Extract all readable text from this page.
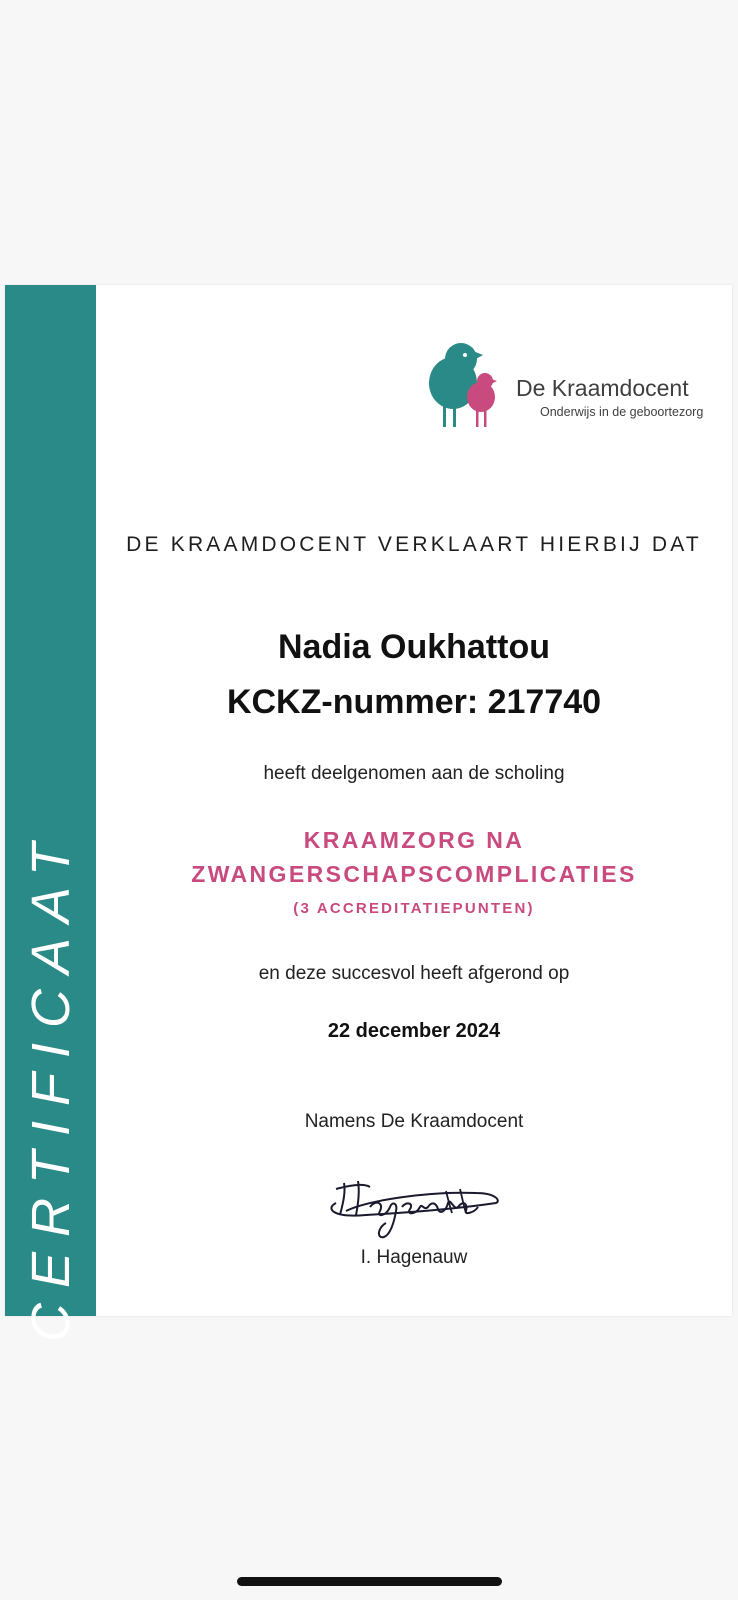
CERTIFICAAT
De Kraamdocent
Onderwijs in de geboortezorg
DE KRAAMDOCENT VERKLAART HIERBIJ DAT
Nadia Oukhattou
KCKZ-nummer: 217740
heeft deelgenomen aan de scholing
KRAAMZORG NA
ZWANGERSCHAPSCOMPLICATIES
(3 ACCREDITATIEPUNTEN)
en deze succesvol heeft afgerond op
22 december 2024
Namens De Kraamdocent
I. Hagenauw
